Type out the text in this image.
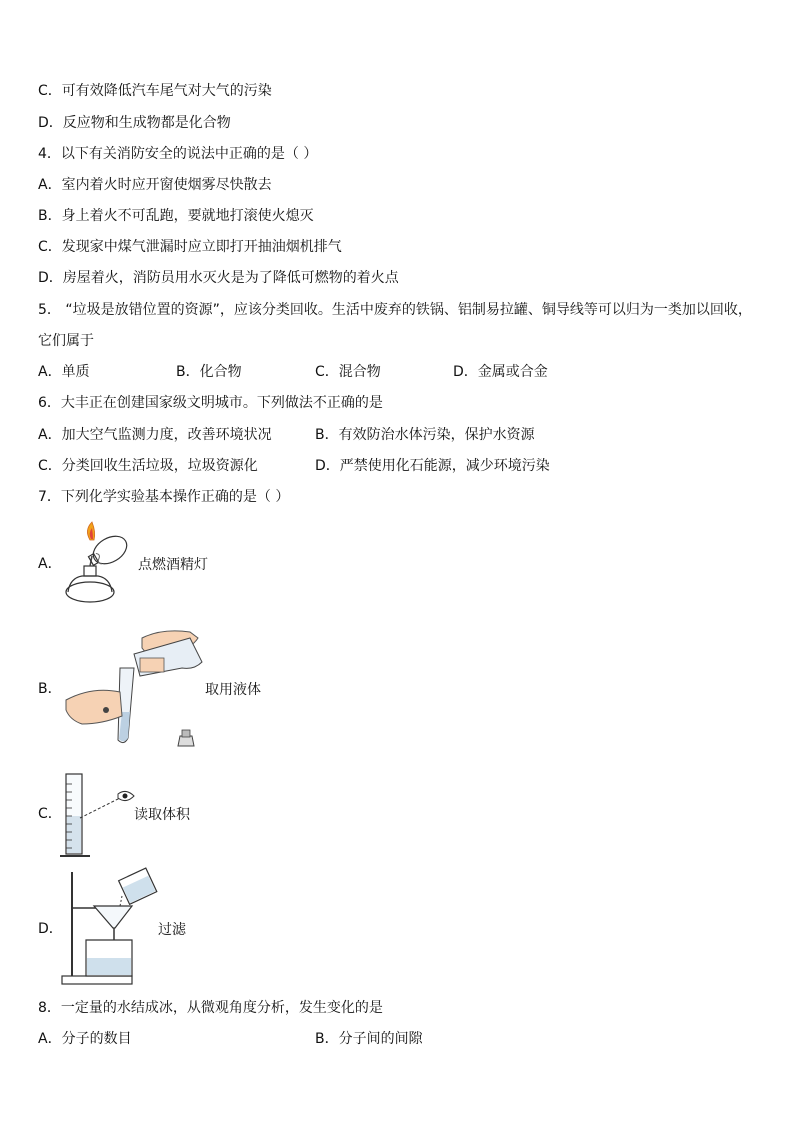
C．可有效降低汽车尾气对大气的污染
D．反应物和生成物都是化合物
4．以下有关消防安全的说法中正确的是（ ）
A．室内着火时应开窗使烟雾尽快散去
B．身上着火不可乱跑，要就地打滚使火熄灭
C．发现家中煤气泄漏时应立即打开抽油烟机排气
D．房屋着火，消防员用水灭火是为了降低可燃物的着火点
5． “垃圾是放错位置的资源”，应该分类回收。生活中废弃的铁锅、铝制易拉罐、铜导线等可以归为一类加以回收，
它们属于
A．单质	B．化合物	C．混合物	D．金属或合金
6．大丰正在创建国家级文明城市。下列做法不正确的是
A．加大空气监测力度，改善环境状况	B．有效防治水体污染，保护水资源
C．分类回收生活垃圾，垃圾资源化	D．严禁使用化石能源，减少环境污染
7．下列化学实验基本操作正确的是（ ）
A．	点燃酒精灯
B．	取用液体
C．	读取体积
D．	过滤
8．一定量的水结成冰，从微观角度分析，发生变化的是
A．分子的数目	B．分子间的间隙
